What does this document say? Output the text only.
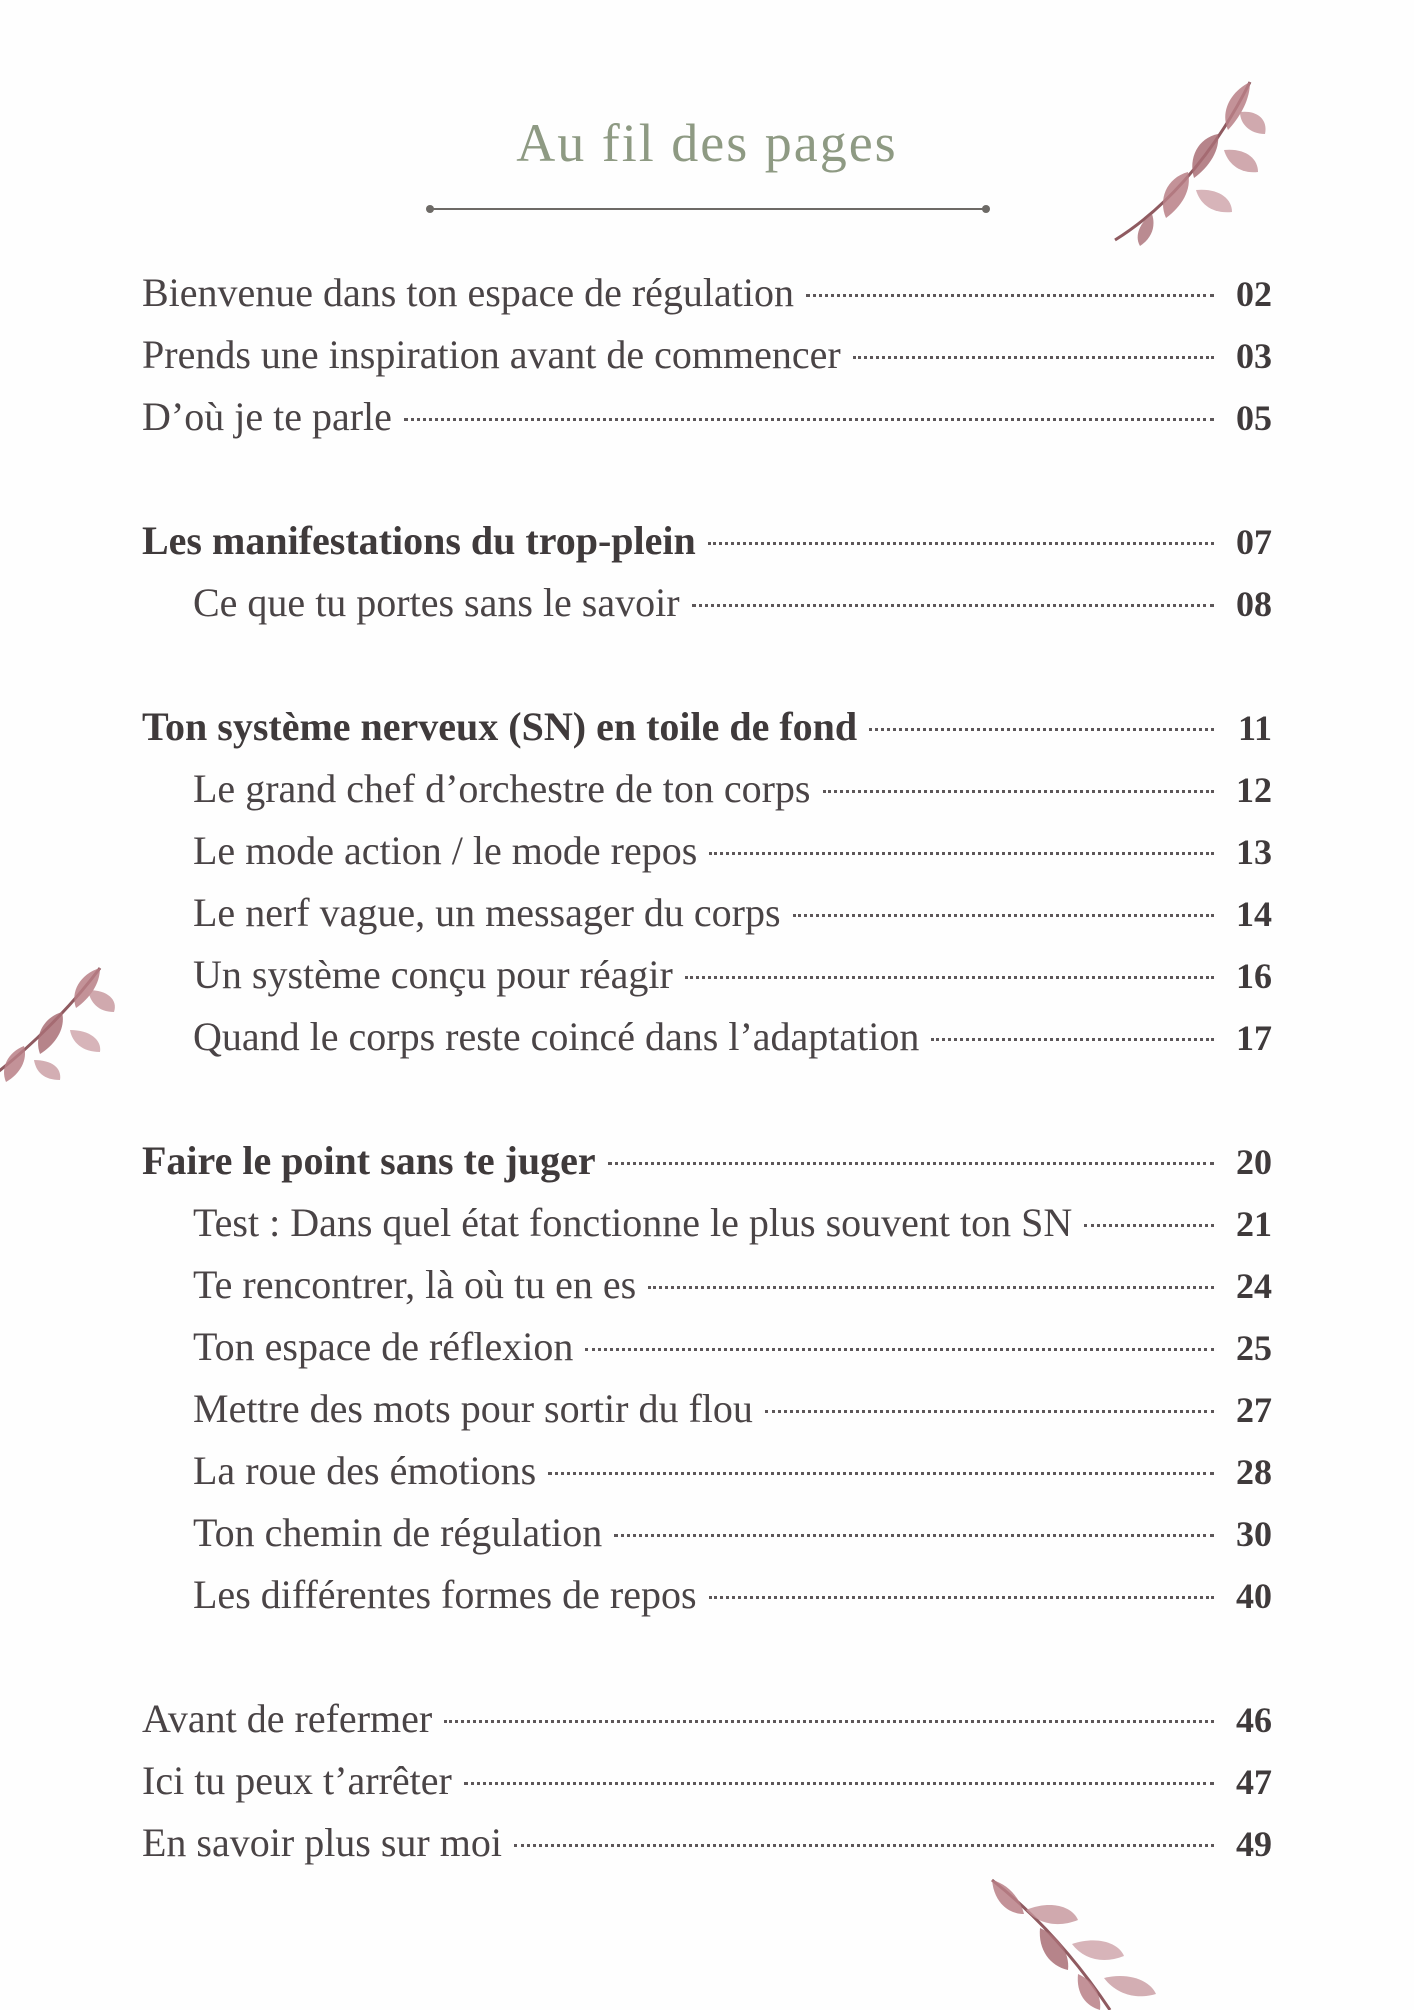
Au fil des pages
Bienvenue dans ton espace de régulation	02
Prends une inspiration avant de commencer	03
D’où je te parle	05
Les manifestations du trop-plein	07
Ce que tu portes sans le savoir	08
Ton système nerveux (SN) en toile de fond	11
Le grand chef d’orchestre de ton corps	12
Le mode action / le mode repos	13
Le nerf vague, un messager du corps	14
Un système conçu pour réagir	16
Quand le corps reste coincé dans l’adaptation	17
Faire le point sans te juger	20
Test : Dans quel état fonctionne le plus souvent ton SN	21
Te rencontrer, là où tu en es	24
Ton espace de réflexion	25
Mettre des mots pour sortir du flou	27
La roue des émotions	28
Ton chemin de régulation	30
Les différentes formes de repos	40
Avant de refermer	46
Ici tu peux t’arrêter	47
En savoir plus sur moi	49
